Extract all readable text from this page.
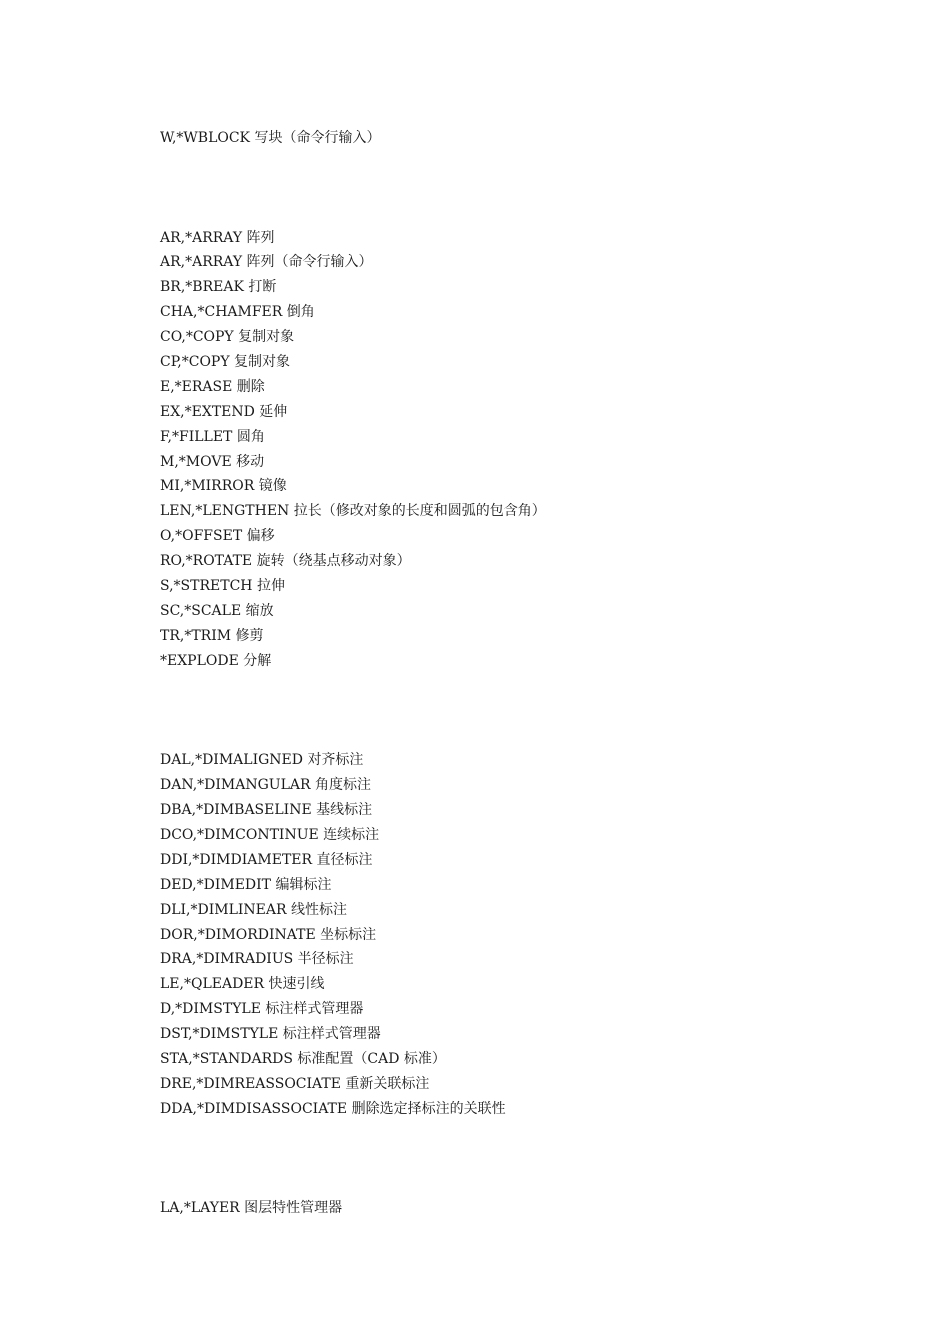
W,*WBLOCK 写块（命令行输入）
AR,*ARRAY 阵列
AR,*ARRAY 阵列（命令行输入）
BR,*BREAK 打断
CHA,*CHAMFER 倒角
CO,*COPY 复制对象
CP,*COPY 复制对象
E,*ERASE 删除
EX,*EXTEND 延伸
F,*FILLET 圆角
M,*MOVE 移动
MI,*MIRROR 镜像
LEN,*LENGTHEN 拉长（修改对象的长度和圆弧的包含角）
O,*OFFSET 偏移
RO,*ROTATE 旋转（绕基点移动对象）
S,*STRETCH 拉伸
SC,*SCALE 缩放
TR,*TRIM 修剪
*EXPLODE 分解
DAL,*DIMALIGNED 对齐标注
DAN,*DIMANGULAR 角度标注
DBA,*DIMBASELINE 基线标注
DCO,*DIMCONTINUE 连续标注
DDI,*DIMDIAMETER 直径标注
DED,*DIMEDIT 编辑标注
DLI,*DIMLINEAR 线性标注
DOR,*DIMORDINATE 坐标标注
DRA,*DIMRADIUS 半径标注
LE,*QLEADER 快速引线
D,*DIMSTYLE 标注样式管理器
DST,*DIMSTYLE 标注样式管理器
STA,*STANDARDS 标准配置（CAD 标准）
DRE,*DIMREASSOCIATE 重新关联标注
DDA,*DIMDISASSOCIATE 删除选定择标注的关联性
LA,*LAYER 图层特性管理器
